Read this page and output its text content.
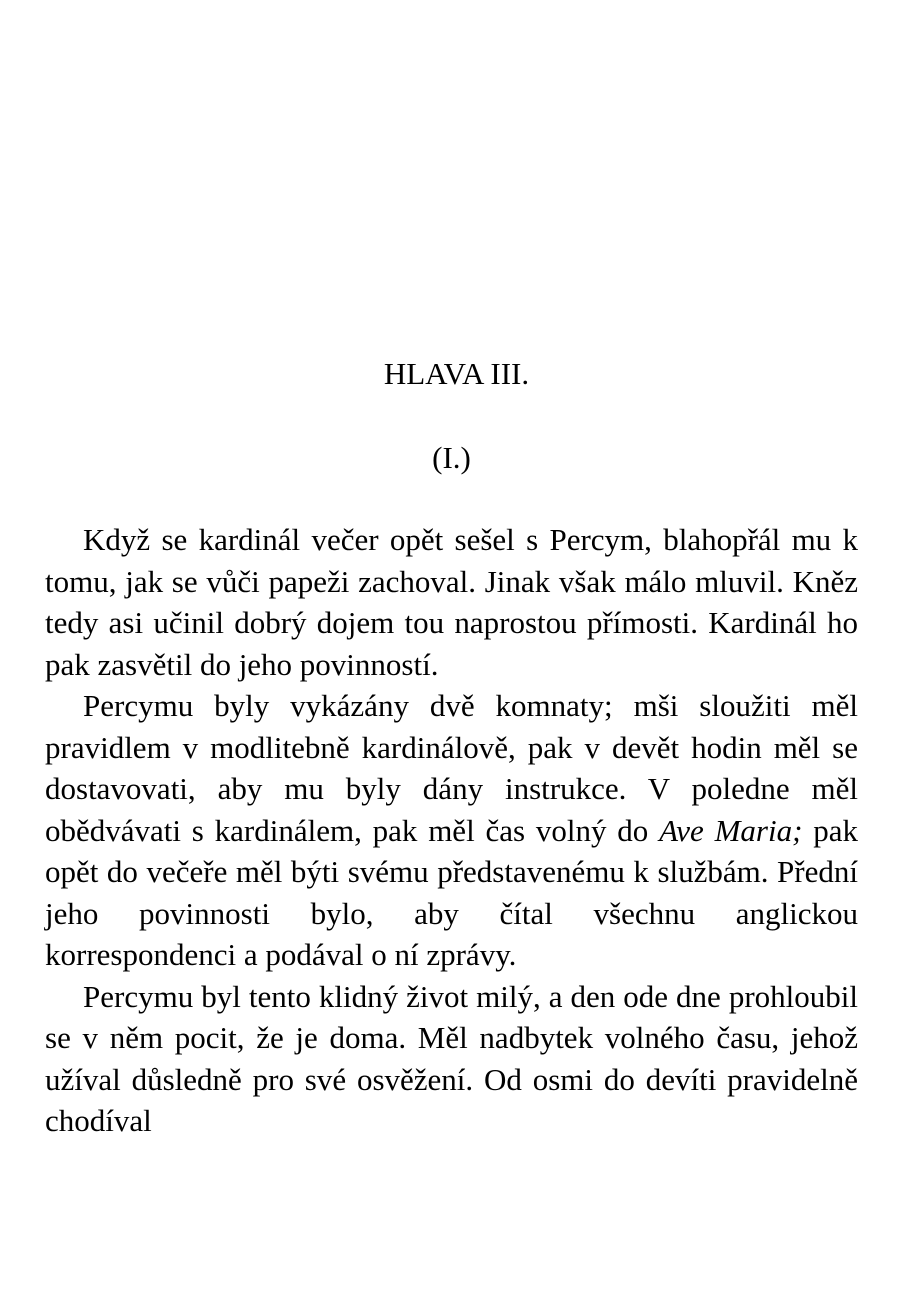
HLAVA III.
(I.)

Když se kardinál večer opět sešel s Percym, blahopřál mu k tomu, jak se vůči papeži zachoval. Jinak však málo mluvil. Kněz tedy asi učinil dobrý dojem tou naprostou přímosti. Kardinál ho pak zasvětil do jeho povinností.

Percymu byly vykázány dvě komnaty; mši sloužiti měl pravidlem v modlitebně kardinálově, pak v devět hodin měl se dostavovati, aby mu byly dány instrukce. V poledne měl obědvávati s kardinálem, pak měl čas volný do Ave Maria; pak opět do večeře měl býti svému představenému k službám. Přední jeho povinnosti bylo, aby čítal všechnu anglickou korrespondenci a podával o ní zprávy.

Percymu byl tento klidný život milý, a den ode dne prohloubil se v něm pocit, že je doma. Měl nadbytek volného času, jehož užíval důsledně pro své osvěžení. Od osmi do devíti pravidelně chodíval
